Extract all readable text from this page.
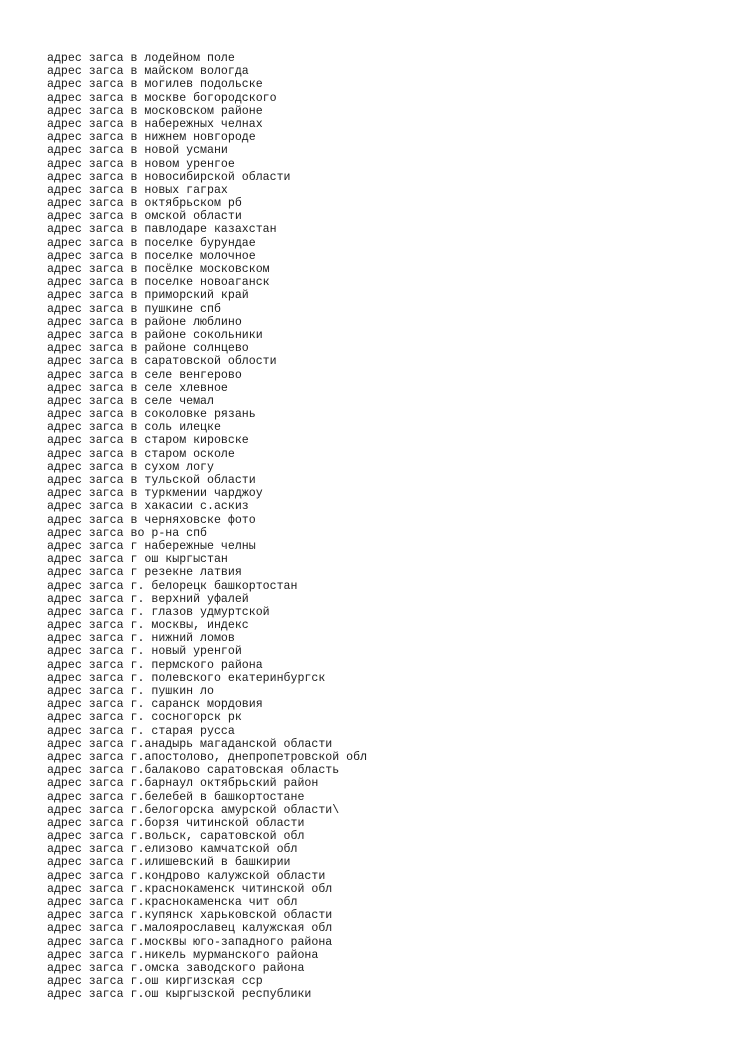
адрес загса в лодейном поле
адрес загса в майском вологда
адрес загса в могилев подольске
адрес загса в москве богородского
адрес загса в московском районе
адрес загса в набережных челнах
адрес загса в нижнем новгороде
адрес загса в новой усмани
адрес загса в новом уренгое
адрес загса в новосибирской области
адрес загса в новых гаграх
адрес загса в октябрьском рб
адрес загса в омской области
адрес загса в павлодаре казахстан
адрес загса в поселке бурундае
адрес загса в поселке молочное
адрес загса в посёлке московском
адрес загса в поселке новоаганск
адрес загса в приморский край
адрес загса в пушкине спб
адрес загса в районе люблино
адрес загса в районе сокольники
адрес загса в районе солнцево
адрес загса в саратовской облости
адрес загса в селе венгерово
адрес загса в селе хлевное
адрес загса в селе чемал
адрес загса в соколовке рязань
адрес загса в соль илецке
адрес загса в старом кировске
адрес загса в старом осколе
адрес загса в сухом логу
адрес загса в тульской области
адрес загса в туркмении чарджоу
адрес загса в хакасии с.аскиз
адрес загса в черняховске фото
адрес загса во р-на спб
адрес загса г набережные челны
адрес загса г ош кыргыстан
адрес загса г резекне латвия
адрес загса г. белорецк башкортостан
адрес загса г. верхний уфалей
адрес загса г. глазов удмуртской
адрес загса г. москвы, индекс
адрес загса г. нижний ломов
адрес загса г. новый уренгой
адрес загса г. пермского района
адрес загса г. полевского екатеринбургск
адрес загса г. пушкин ло
адрес загса г. саранск мордовия
адрес загса г. сосногорск рк
адрес загса г. старая русса
адрес загса г.анадырь магаданской области
адрес загса г.апостолово, днепропетровской обл
адрес загса г.балаково саратовская область
адрес загса г.барнаул октябрьский район
адрес загса г.белебей в башкортостане
адрес загса г.белогорска амурской области\
адрес загса г.борзя читинской области
адрес загса г.вольск, саратовской обл
адрес загса г.елизово камчатской обл
адрес загса г.илишевский в башкирии
адрес загса г.кондрово калужской области
адрес загса г.краснокаменск читинской обл
адрес загса г.краснокаменска чит обл
адрес загса г.купянск харьковской области
адрес загса г.малоярославец калужская обл
адрес загса г.москвы юго-западного района
адрес загса г.никель мурманского района
адрес загса г.омска заводского района
адрес загса г.ош киргизская сср
адрес загса г.ош кыргызской республики
